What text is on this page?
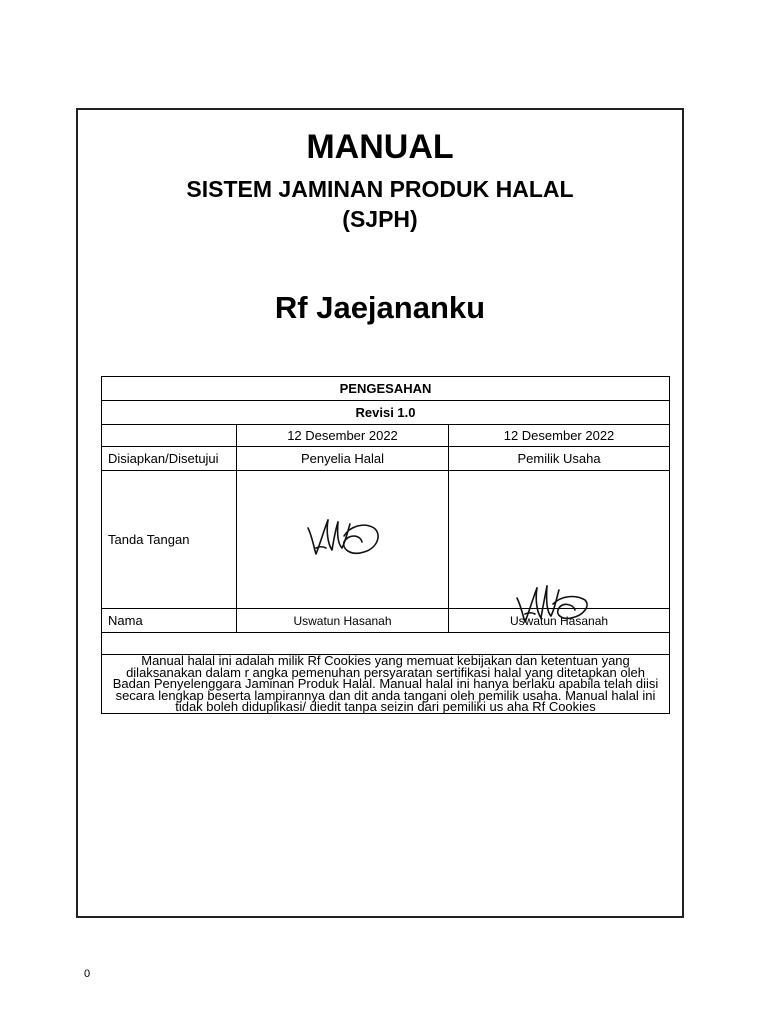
MANUAL
SISTEM JAMINAN PRODUK HALAL
(SJPH)
Rf Jaejananku
PENGESAHAN		
Revisi 1.0		
	12 Desember 2022	12 Desember 2022
Disiapkan/Disetujui	Penyelia Halal	Pemilik Usaha
Tanda Tangan		
Nama	Uswatun Hasanah	Uswatun Hasanah

Manual halal ini adalah milik Rf Cookies yang memuat kebijakan dan ketentuan yang dilaksanakan dalam r angka pemenuhan persyaratan sertifikasi halal yang ditetapkan oleh Badan Penyelenggara Jaminan Produk Halal. Manual halal ini hanya berlaku apabila telah diisi secara lengkap beserta lampirannya dan dit anda tangani oleh pemilik usaha. Manual halal ini tidak boleh diduplikasi/ diedit tanpa seizin dari pemiliki us aha Rf Cookies		
0
